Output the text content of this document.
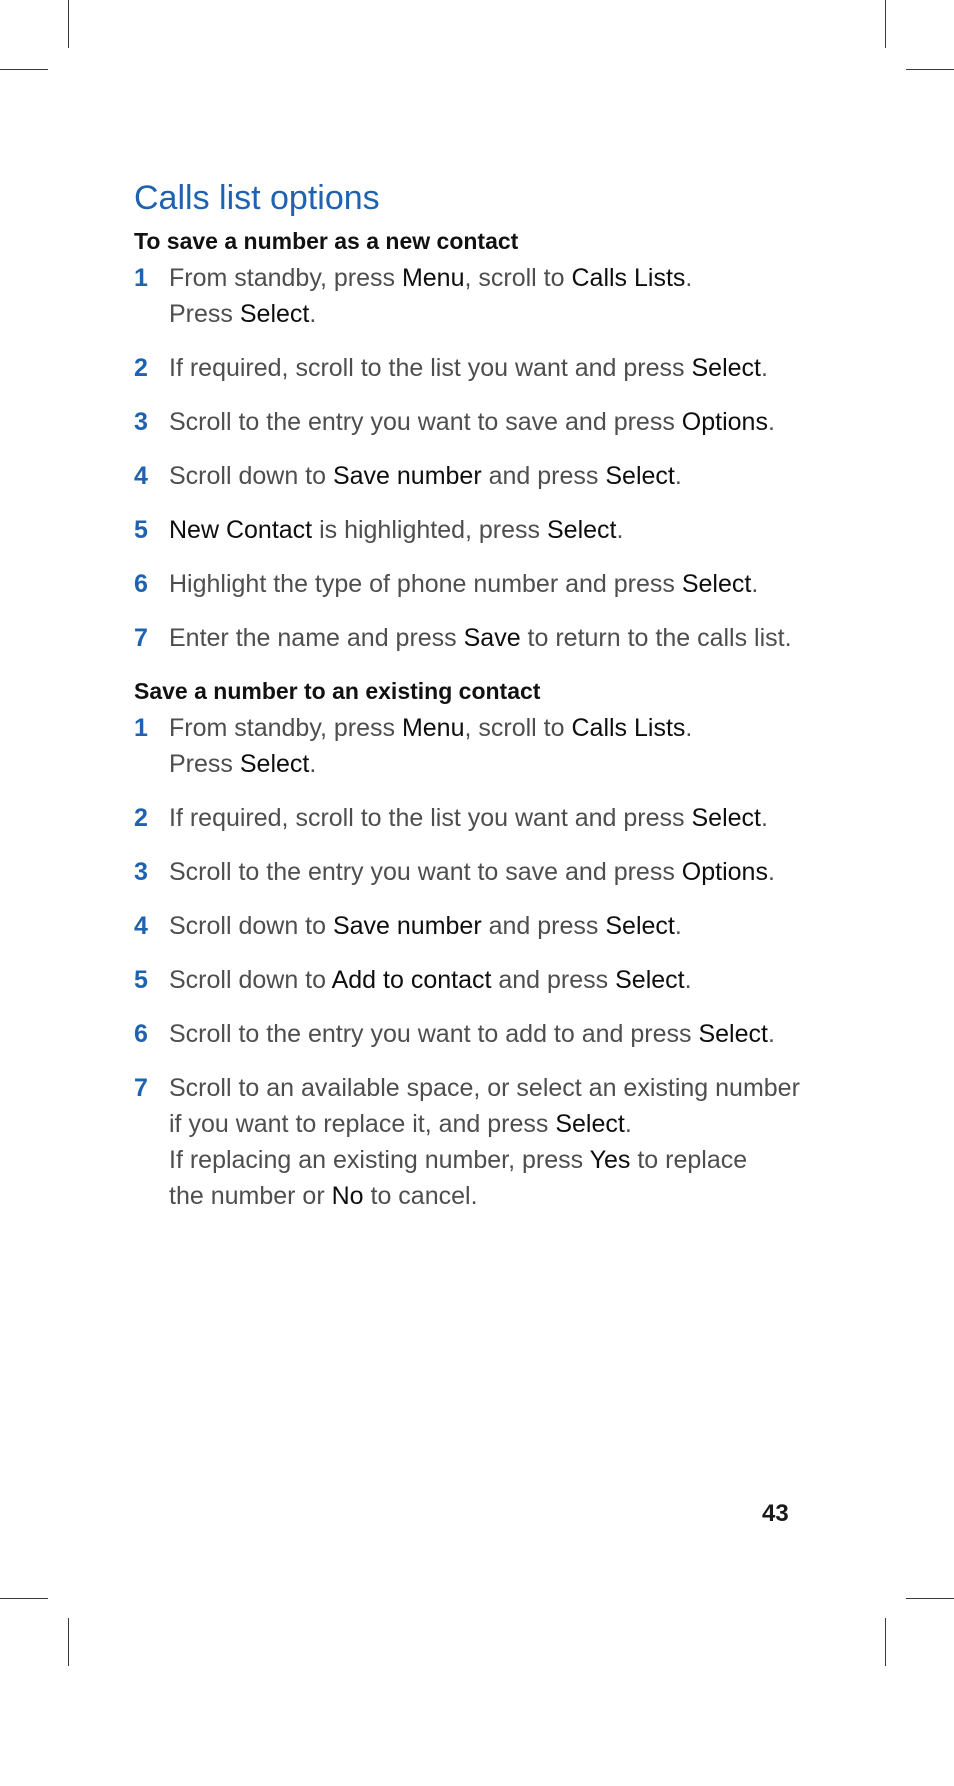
Calls list options
To save a number as a new contact
1 From standby, press Menu, scroll to Calls Lists.
Press Select.
2 If required, scroll to the list you want and press Select.
3 Scroll to the entry you want to save and press Options.
4 Scroll down to Save number and press Select.
5 New Contact is highlighted, press Select.
6 Highlight the type of phone number and press Select.
7 Enter the name and press Save to return to the calls list.
Save a number to an existing contact
1 From standby, press Menu, scroll to Calls Lists.
Press Select.
2 If required, scroll to the list you want and press Select.
3 Scroll to the entry you want to save and press Options.
4 Scroll down to Save number and press Select.
5 Scroll down to Add to contact and press Select.
6 Scroll to the entry you want to add to and press Select.
7 Scroll to an available space, or select an existing number
if you want to replace it, and press Select.
If replacing an existing number, press Yes to replace
the number or No to cancel.
43
